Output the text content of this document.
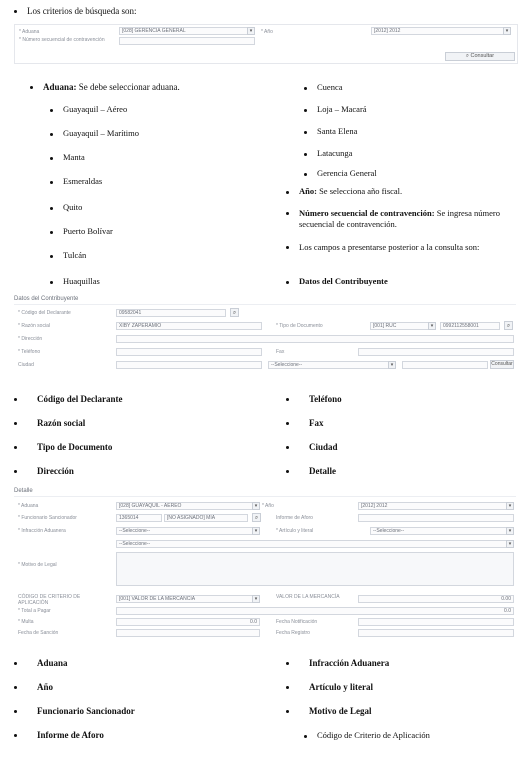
Los criterios de búsqueda son:
* Aduana	[028] GERENCIA GENERAL	▾	* Año	[2012] 2012	▾
* Número secuencial de contravención
⌕ Consultar
Aduana: Se debe seleccionar aduana.
Guayaquil – Aéreo
Guayaquil – Marítimo
Manta
Esmeraldas
Quito
Puerto Bolívar
Tulcán
Huaquillas
Cuenca
Loja – Macará
Santa Elena
Latacunga
Gerencia General
Año: Se selecciona año fiscal.
Número secuencial de contravención: Se ingresa número secuencial de contravención.
Los campos a presentarse posterior a la consulta son:
Datos del Contribuyente
Datos del Contribuyente
* Código del Declarante	09582041	⌕
* Razón social	XIBY ZAPERAMIO	* Tipo de Documento	[001] RUC	▾	0992112558001	⌕
* Dirección
* Teléfono	Fax
Ciudad	--Seleccione--	▾	Consultar
Código del Declarante
Razón social
Tipo de Documento
Dirección
Teléfono
Fax
Ciudad
Detalle
Detalle
* Aduana	[028] GUAYAQUIL - AEREO	▾ * Año	[2012] 2012	▾
* Funcionario Sancionador	1365014	[NO ASIGNADO] MIA	⌕	Informe de Aforo
* Infracción Aduanera	--Seleccione--	▾	* Artículo y literal	--Seleccione--	▾
--Seleccione--	▾
* Motivo de Legal
CÓDIGO DE CRITERIO DE APLICACIÓN
[001] VALOR DE LA MERCANCÍA	▾	VALOR DE LA MERCANCÍA	0.00
* Total a Pagar	0.0
* Multa	0.0	Fecha Notificación
Fecha de Sanción	Fecha Registro
Aduana
Año
Funcionario Sancionador
Informe de Aforo
Infracción Aduanera
Artículo y literal
Motivo de Legal
Código de Criterio de Aplicación
